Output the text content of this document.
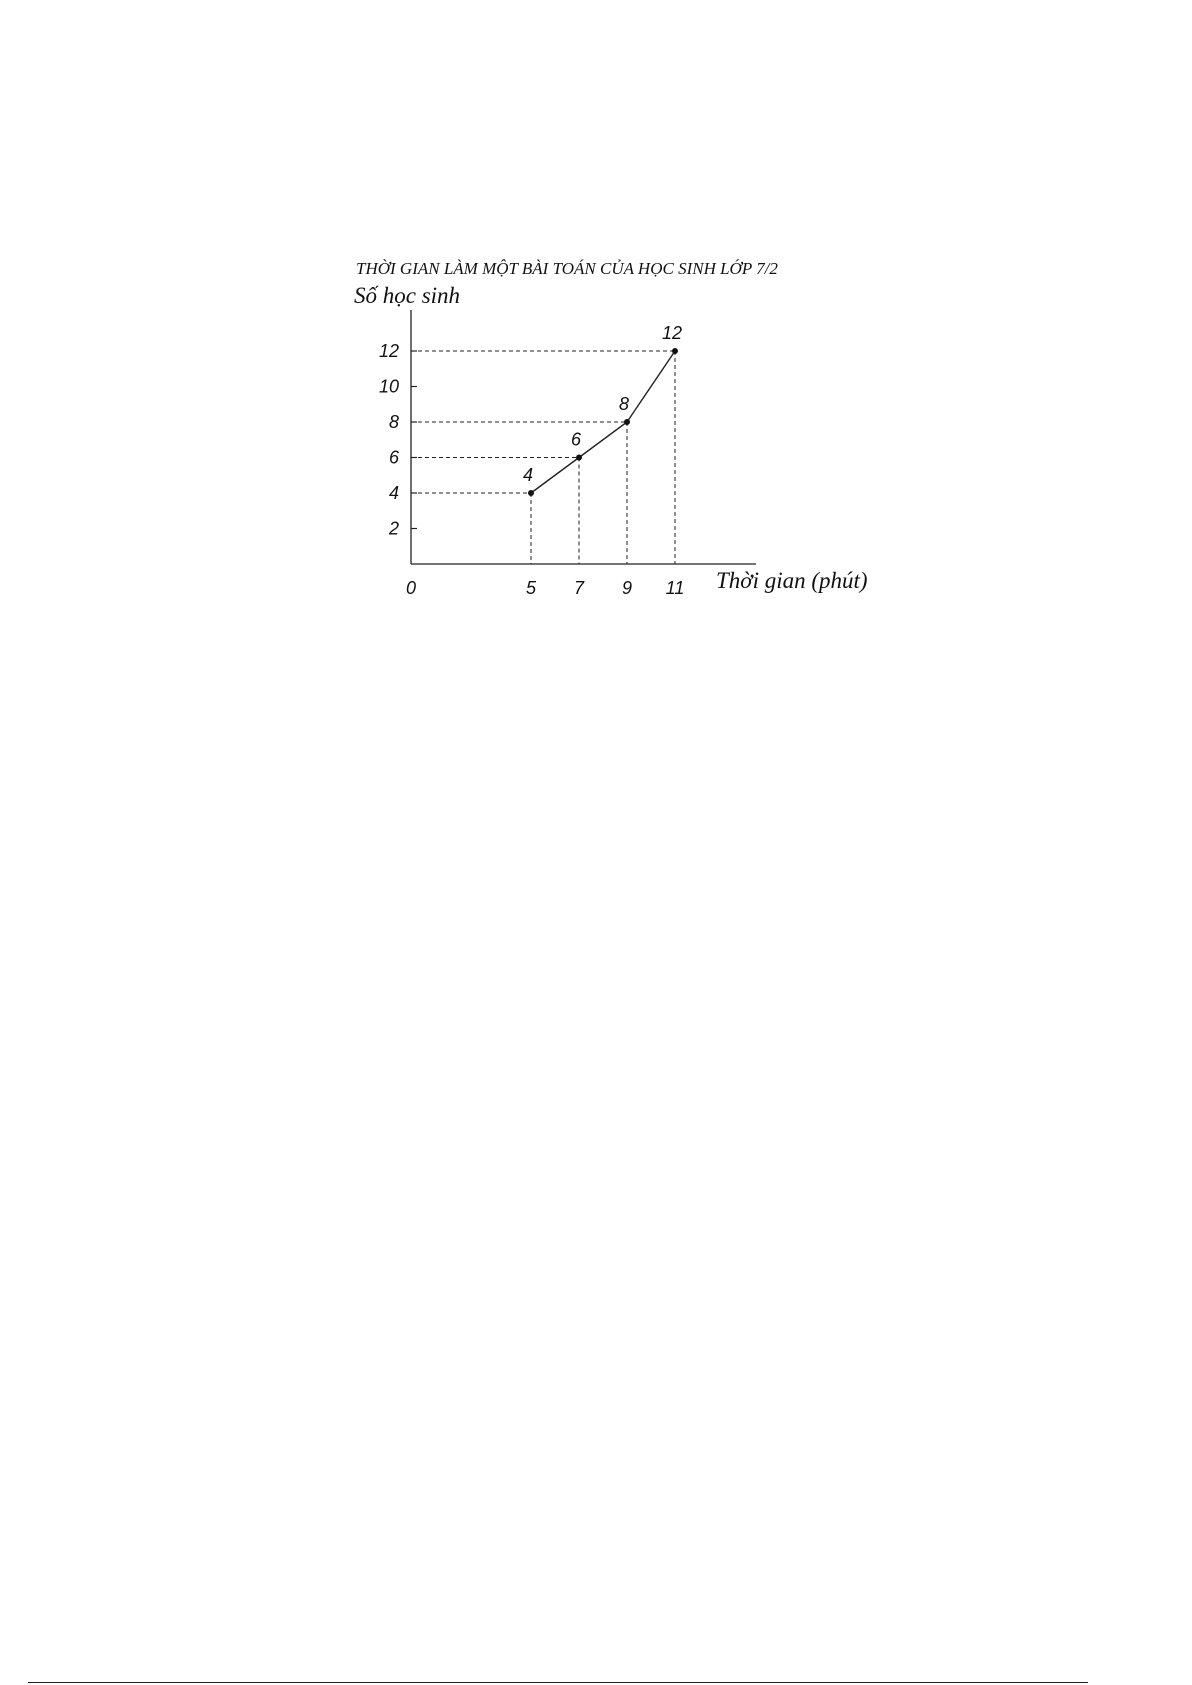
THỜI GIAN LÀM MỘT BÀI TOÁN CỦA HỌC SINH LỚP 7/2
Số học sinh
Thời gian (phút)
2
4
6
8
10
12
0	5 7 9 11
4
6
8
12
